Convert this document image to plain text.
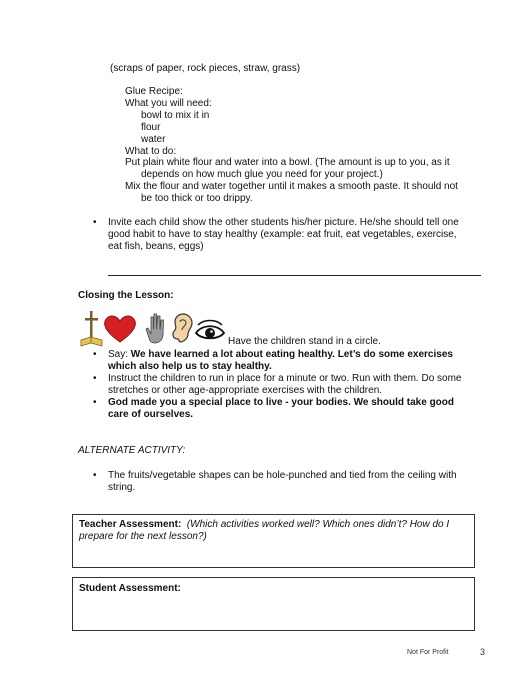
(scraps of paper, rock pieces, straw, grass)
Glue Recipe:
What you will need:
bowl to mix it in
flour
water
What to do:
Put plain white flour and water into a bowl. (The amount is up to you, as it
depends on how much glue you need for your project.)
Mix the flour and water together until it makes a smooth paste. It should not
be too thick or too drippy.
• Invite each child show the other students his/her picture. He/she should tell one
good habit to have to stay healthy (example: eat fruit, eat vegetables, exercise,
eat fish, beans, eggs)
Closing the Lesson:
Have the children stand in a circle.
• Say: We have learned a lot about eating healthy. Let’s do some exercises
which also help us to stay healthy.
• Instruct the children to run in place for a minute or two. Run with them. Do some
stretches or other age-appropriate exercises with the children.
• God made you a special place to live - your bodies. We should take good
care of ourselves.
ALTERNATE ACTIVITY:
• The fruits/vegetable shapes can be hole-punched and tied from the ceiling with
string.
Teacher Assessment: (Which activities worked well? Which ones didn’t? How do I
prepare for the next lesson?)
Student Assessment:
Not For Profit	3
